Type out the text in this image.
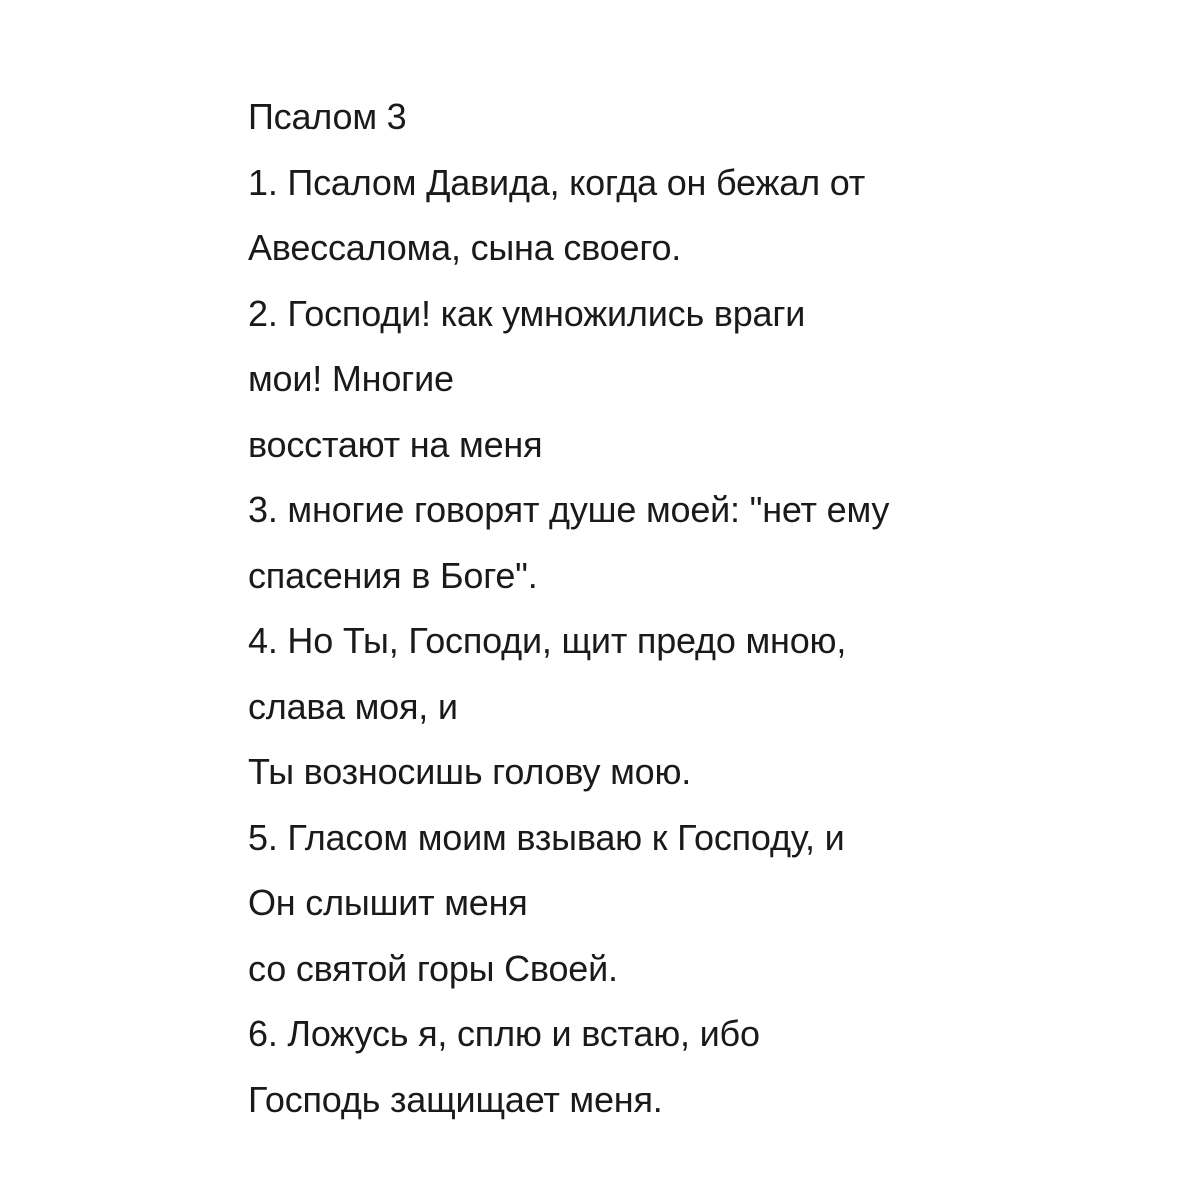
Псалом 3
1. Псалом Давида, когда он бежал от
Авессалома, сына своего.
2. Господи! как умножились враги
мои! Многие
восстают на меня
3. многие говорят душе моей: "нет ему
спасения в Боге".
4. Но Ты, Господи, щит предо мною,
слава моя, и
Ты возносишь голову мою.
5. Гласом моим взываю к Господу, и
Он слышит меня
со святой горы Своей.
6. Ложусь я, сплю и встаю, ибо
Господь защищает меня.
